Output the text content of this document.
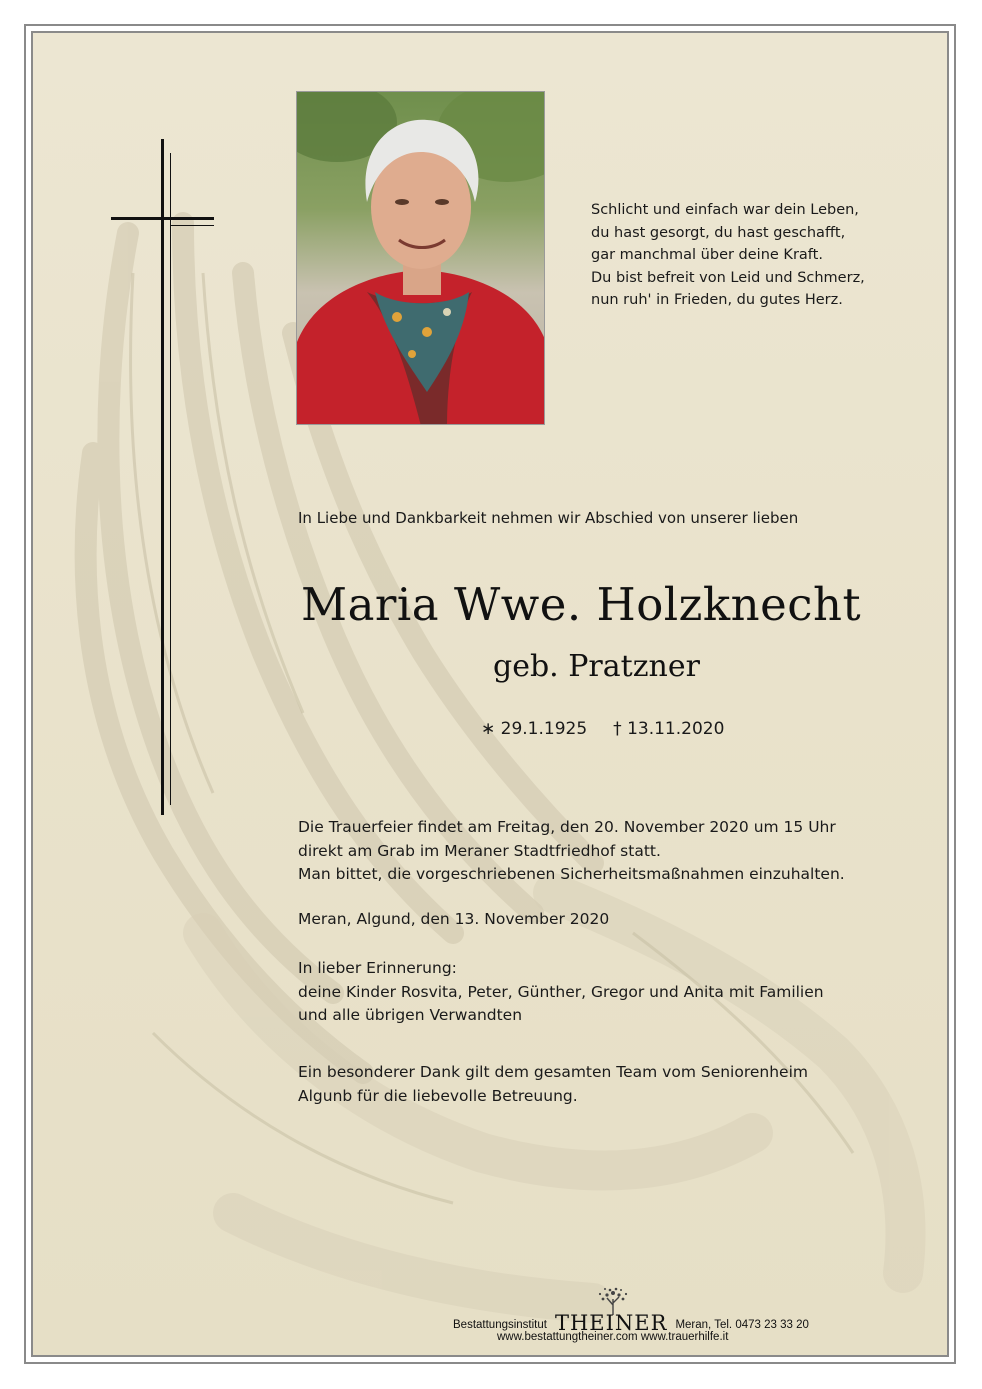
Schlicht und einfach war dein Leben,
du hast gesorgt, du hast geschafft,
gar manchmal über deine Kraft.
Du bist befreit von Leid und Schmerz,
nun ruh' in Frieden, du gutes Herz.
In Liebe und Dankbarkeit nehmen wir Abschied von unserer lieben
Maria Wwe. Holzknecht
geb. Pratzner
∗ 29.1.1925 † 13.11.2020
Die Trauerfeier findet am Freitag, den 20. November 2020 um 15 Uhr
direkt am Grab im Meraner Stadtfriedhof statt.
Man bittet, die vorgeschriebenen Sicherheitsmaßnahmen einzuhalten.
Meran, Algund, den 13. November 2020
In lieber Erinnerung:
deine Kinder Rosvita, Peter, Günther, Gregor und Anita mit Familien
und alle übrigen Verwandten
Ein besonderer Dank gilt dem gesamten Team vom Seniorenheim
Algunb für die liebevolle Betreuung.
Bestattungsinstitut THEINER Meran, Tel. 0473 23 33 20
www.bestattungtheiner.com www.trauerhilfe.it
